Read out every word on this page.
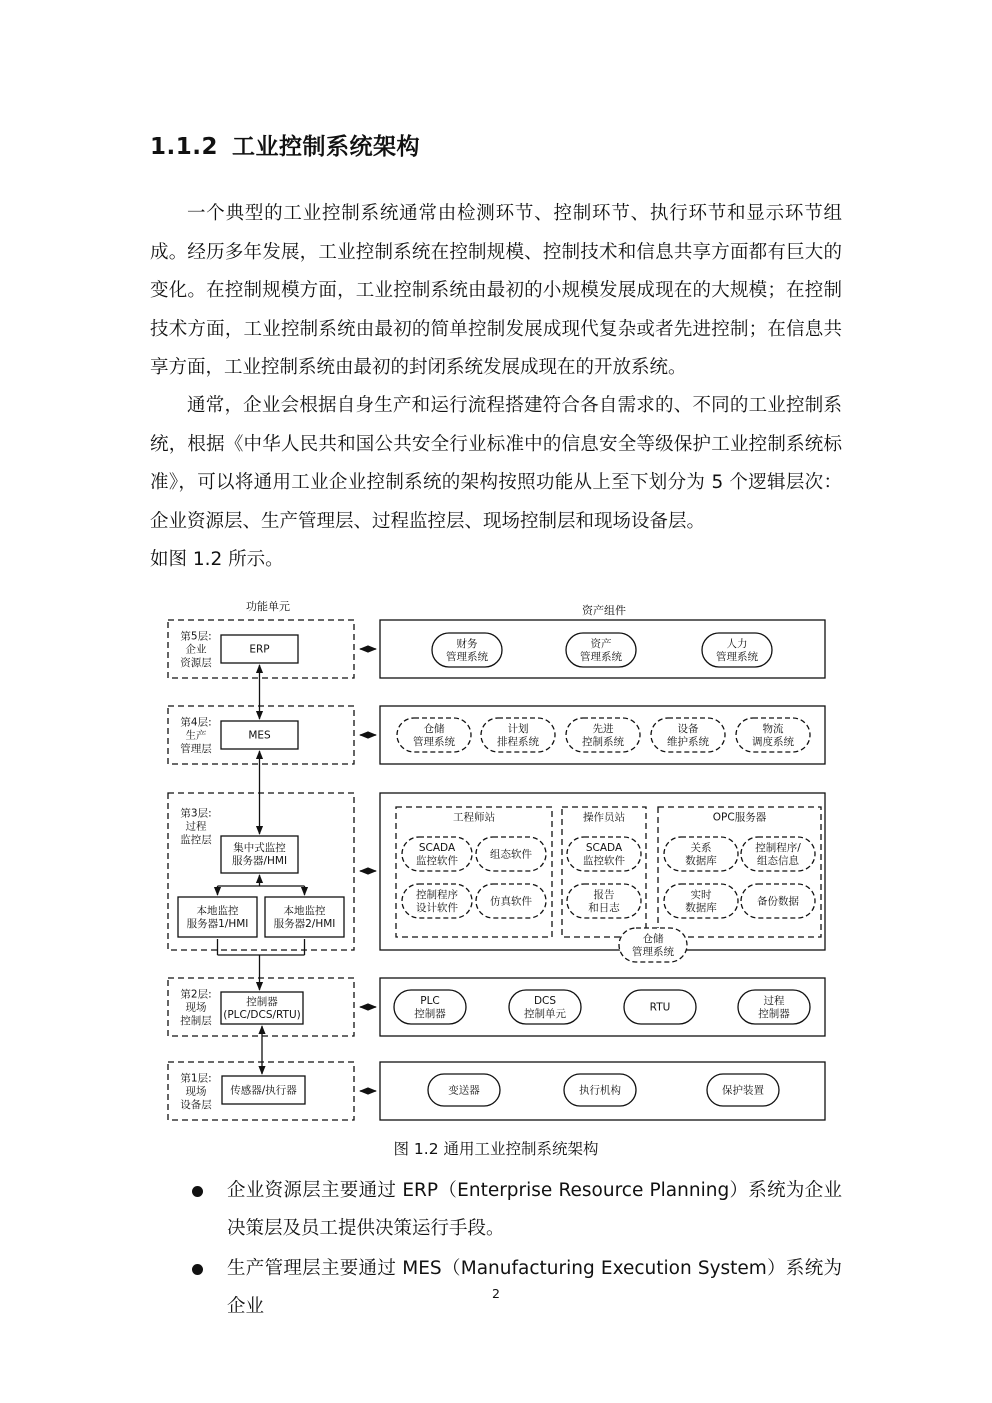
1.1.2 工业控制系统架构

一个典型的工业控制系统通常由检测环节、控制环节、执行环节和显示环节组成。经历多年发展，工业控制系统在控制规模、控制技术和信息共享方面都有巨大的变化。在控制规模方面，工业控制系统由最初的小规模发展成现在的大规模；在控制技术方面，工业控制系统由最初的简单控制发展成现代复杂或者先进控制；在信息共享方面，工业控制系统由最初的封闭系统发展成现在的开放系统。

通常，企业会根据自身生产和运行流程搭建符合各自需求的、不同的工业控制系统，根据《中华人民共和国公共安全行业标准中的信息安全等级保护工业控制系统标准》，可以将通用工业企业控制系统的架构按照功能从上至下划分为 5 个逻辑层次：企业资源层、生产管理层、过程监控层、现场控制层和现场设备层。

如图 1.2 所示。

功能单元	资产组件
第5层:
企业
资源层
第4层:
生产
管理层
第3层:
过程
监控层
第2层:
现场
控制层
第1层:
现场
设备层
ERP	财务
管理系统
资产
管理系统
人力
管理系统
MES
仓储
管理系统
计划
排程系统
先进
控制系统
设备
维护系统
物流
调度系统
集中式监控
服务器/HMI
本地监控
服务器1/HMI
本地监控
服务器2/HMI
工程师站
SCADA
监控软件
组态软件
控制程序
设计软件
仿真软件
操作员站
SCADA
监控软件
报告
和日志
OPC服务器
关系
数据库
控制程序/
组态信息
实时
数据库
备份数据
仓储
管理系统
控制器
(PLC/DCS/RTU)
PLC
控制器
DCS
控制单元
RTU
过程
控制器
传感器/执行器	变送器	执行机构	保护装置
图 1.2 通用工业控制系统架构
企业资源层主要通过 ERP（Enterprise Resource Planning）系统为企业决策层及员工提供决策运行手段。
生产管理层主要通过 MES（Manufacturing Execution System）系统为企业
2
